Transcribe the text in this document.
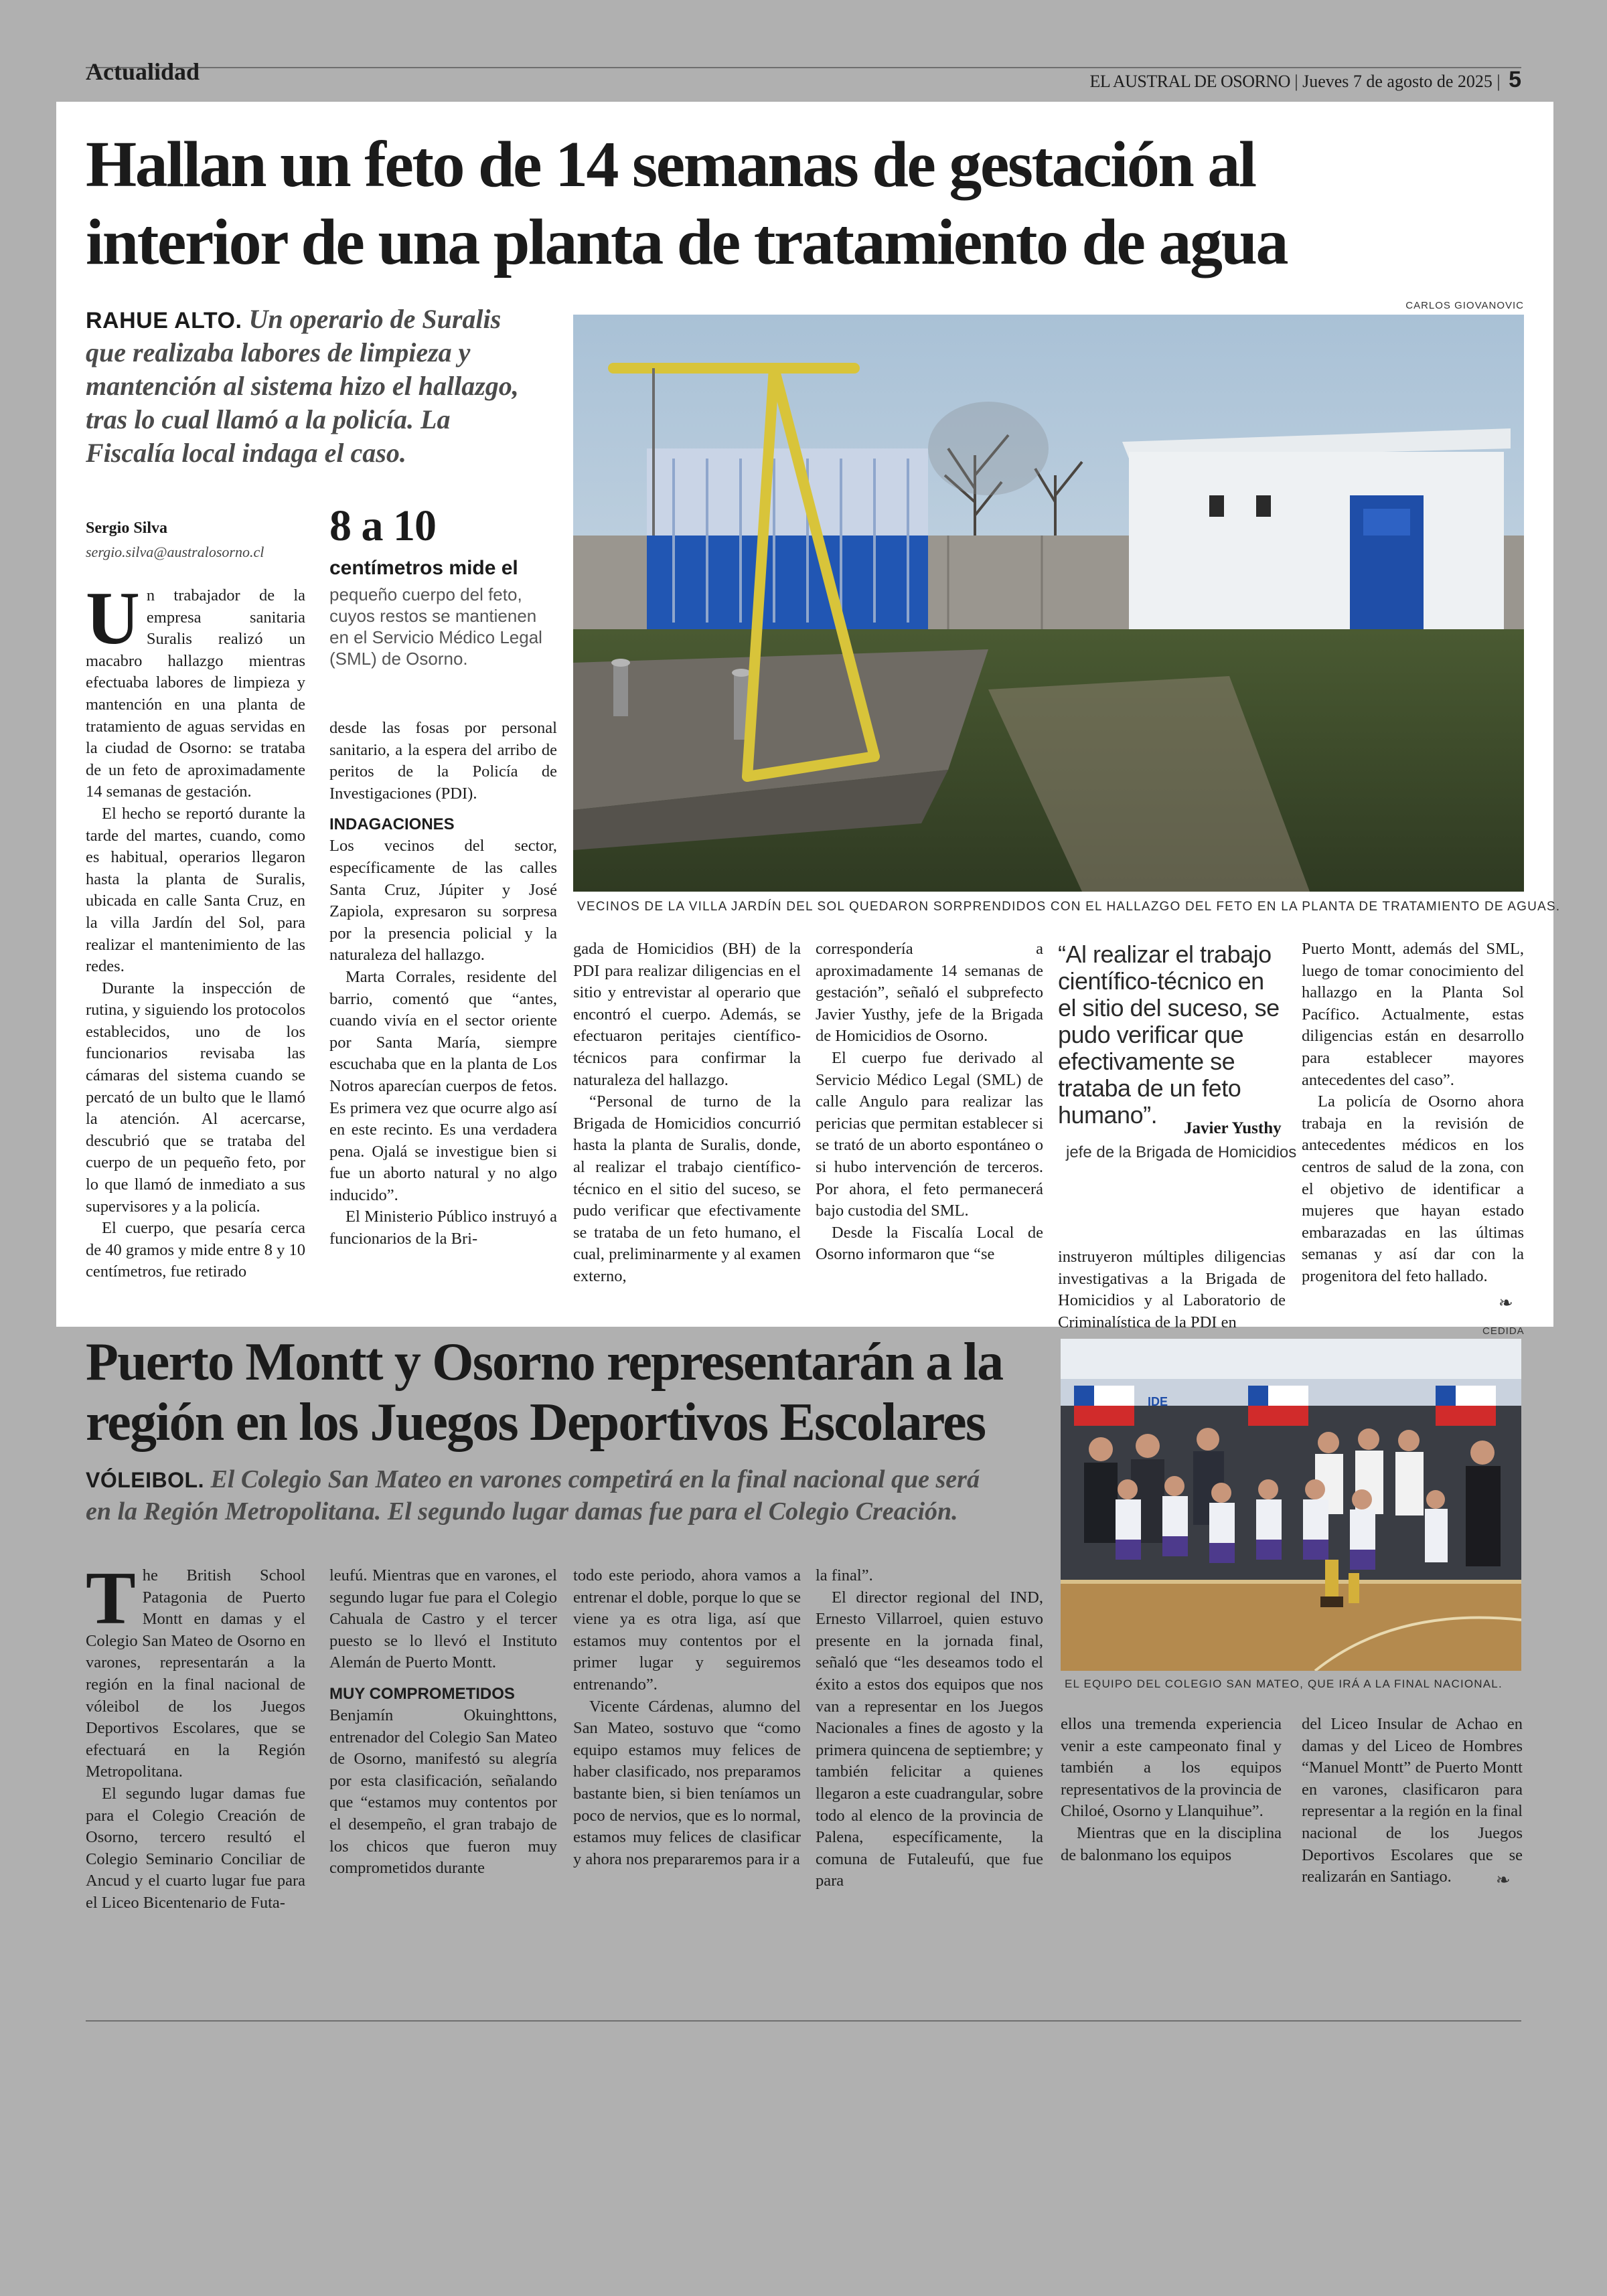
Actualidad	EL AUSTRAL DE OSORNO | Jueves 7 de agosto de 2025 | 5
Hallan un feto de 14 semanas de gestación al
interior de una planta de tratamiento de agua
RAHUE ALTO. Un operario de Suralis
que realizaba labores de limpieza y
mantención al sistema hizo el hallazgo,
tras lo cual llamó a la policía. La
Fiscalía local indaga el caso.
Sergio Silva
sergio.silva@australosorno.cl
8 a 10
centímetros mide el
pequeño cuerpo del feto, cuyos restos se mantienen en el Servicio Médico Legal (SML) de Osorno.
CARLOS GIOVANOVIC
VECINOS DE LA VILLA JARDÍN DEL SOL QUEDARON SORPRENDIDOS CON EL HALLAZGO DEL FETO EN LA PLANTA DE TRATAMIENTO DE AGUAS.

Un trabajador de la empresa sanitaria Suralis realizó un macabro hallazgo mientras efectuaba labores de limpieza y mantención en una planta de tratamiento de aguas servidas en la ciudad de Osorno: se trataba de un feto de aproximadamente 14 semanas de gestación.

El hecho se reportó durante la tarde del martes, cuando, como es habitual, operarios llegaron hasta la planta de Suralis, ubicada en calle Santa Cruz, en la villa Jardín del Sol, para realizar el mantenimiento de las redes.

Durante la inspección de rutina, y siguiendo los protocolos establecidos, uno de los funcionarios revisaba las cámaras del sistema cuando se percató de un bulto que le llamó la atención. Al acercarse, descubrió que se trataba del cuerpo de un pequeño feto, por lo que llamó de inmediato a sus supervisores y a la policía.

El cuerpo, que pesaría cerca de 40 gramos y mide entre 8 y 10 centímetros, fue retirado

desde las fosas por personal sanitario, a la espera del arribo de peritos de la Policía de Investigaciones (PDI).

INDAGACIONES

Los vecinos del sector, específicamente de las calles Santa Cruz, Júpiter y José Zapiola, expresaron su sorpresa por la presencia policial y la naturaleza del hallazgo.

Marta Corrales, residente del barrio, comentó que “antes, cuando vivía en el sector oriente por Santa María, siempre escuchaba que en la planta de Los Notros aparecían cuerpos de fetos. Es primera vez que ocurre algo así en este recinto. Es una verdadera pena. Ojalá se investigue bien si fue un aborto natural y no algo inducido”.

El Ministerio Público instruyó a funcionarios de la Bri-

gada de Homicidios (BH) de la PDI para realizar diligencias en el sitio y entrevistar al operario que encontró el cuerpo. Además, se efectuaron peritajes científico-técnicos para confirmar la naturaleza del hallazgo.

“Personal de turno de la Brigada de Homicidios concurrió hasta la planta de Suralis, donde, al realizar el trabajo científico-técnico en el sitio del suceso, se pudo verificar que efectivamente se trataba de un feto humano, el cual, preliminarmente y al examen externo,

correspondería a aproximadamente 14 semanas de gestación”, señaló el subprefecto Javier Yusthy, jefe de la Brigada de Homicidios de Osorno.

El cuerpo fue derivado al Servicio Médico Legal (SML) de calle Angulo para realizar las pericias que permitan establecer si se trató de un aborto espontáneo o si hubo intervención de terceros. Por ahora, el feto permanecerá bajo custodia del SML.

Desde la Fiscalía Local de Osorno informaron que “se

“Al realizar el trabajo científico-técnico en el sitio del suceso, se pudo verificar que efectivamente se trataba de un feto humano”.	Javier Yusthy
jefe de la Brigada de Homicidios

instruyeron múltiples diligencias investigativas a la Brigada de Homicidios y al Laboratorio de Criminalística de la PDI en

Puerto Montt, además del SML, luego de tomar conocimiento del hallazgo en la Planta Sol Pacífico. Actualmente, estas diligencias están en desarrollo para establecer mayores antecedentes del caso”.

La policía de Osorno ahora trabaja en la revisión de antecedentes médicos en los centros de salud de la zona, con el objetivo de identificar a mujeres que hayan estado embarazadas en las últimas semanas y así dar con la progenitora del feto hallado.

❧
Puerto Montt y Osorno representarán a la
región en los Juegos Deportivos Escolares
VÓLEIBOL. El Colegio San Mateo en varones competirá en la final nacional que será
en la Región Metropolitana. El segundo lugar damas fue para el Colegio Creación.
CEDIDA
IDE
EL EQUIPO DEL COLEGIO SAN MATEO, QUE IRÁ A LA FINAL NACIONAL.

The British School Patagonia de Puerto Montt en damas y el Colegio San Mateo de Osorno en varones, representarán a la región en la final nacional de vóleibol de los Juegos Deportivos Escolares, que se efectuará en la Región Metropolitana.

El segundo lugar damas fue para el Colegio Creación de Osorno, tercero resultó el Colegio Seminario Conciliar de Ancud y el cuarto lugar fue para el Liceo Bicentenario de Futa-

leufú. Mientras que en varones, el segundo lugar fue para el Colegio Cahuala de Castro y el tercer puesto se lo llevó el Instituto Alemán de Puerto Montt.

MUY COMPROMETIDOS

Benjamín Okuinghttons, entrenador del Colegio San Mateo de Osorno, manifestó su alegría por esta clasificación, señalando que “estamos muy contentos por el desempeño, el gran trabajo de los chicos que fueron muy comprometidos durante

todo este periodo, ahora vamos a entrenar el doble, porque lo que se viene ya es otra liga, así que estamos muy contentos por el primer lugar y seguiremos entrenando”.

Vicente Cárdenas, alumno del San Mateo, sostuvo que “como equipo estamos muy felices de haber clasificado, nos preparamos bastante bien, si bien teníamos un poco de nervios, que es lo normal, estamos muy felices de clasificar y ahora nos prepararemos para ir a

la final”.

El director regional del IND, Ernesto Villarroel, quien estuvo presente en la jornada final, señaló que “les deseamos todo el éxito a estos dos equipos que nos van a representar en los Juegos Nacionales a fines de agosto y la primera quincena de septiembre; y también felicitar a quienes llegaron a este cuadrangular, sobre todo al elenco de la provincia de Palena, específicamente, la comuna de Futaleufú, que fue para

ellos una tremenda experiencia venir a este campeonato final y también a los equipos representativos de la provincia de Chiloé, Osorno y Llanquihue”.

Mientras que en la disciplina de balonmano los equipos

del Liceo Insular de Achao en damas y del Liceo de Hombres “Manuel Montt” de Puerto Montt en varones, clasificaron para representar a la región en la final nacional de los Juegos Deportivos Escolares que se realizarán en Santiago.	❧
